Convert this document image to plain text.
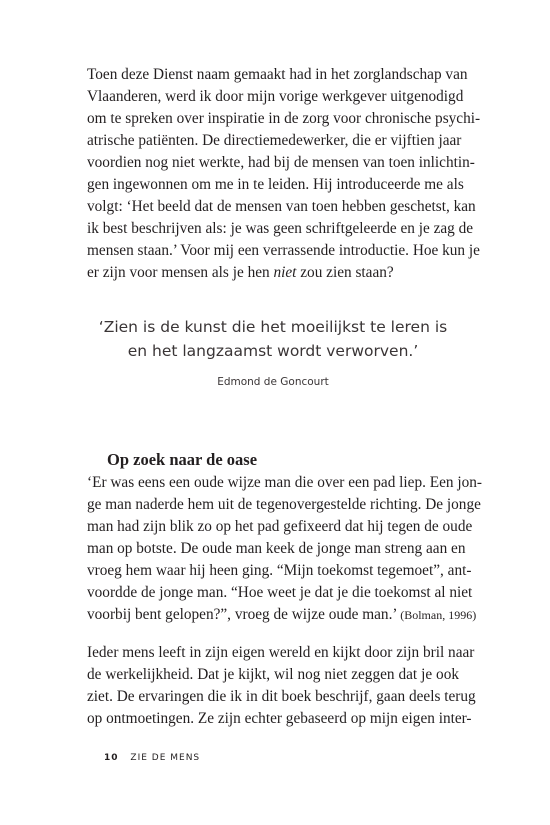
Toen deze Dienst naam gemaakt had in het zorglandschap van
Vlaanderen, werd ik door mijn vorige werkgever uitgenodigd
om te spreken over inspiratie in de zorg voor chronische psychi-
atrische patiënten. De directiemedewerker, die er vijftien jaar
voordien nog niet werkte, had bij de mensen van toen inlichtin-
gen ingewonnen om me in te leiden. Hij introduceerde me als
volgt: ‘Het beeld dat de mensen van toen hebben geschetst, kan
ik best beschrijven als: je was geen schriftgeleerde en je zag de
mensen staan.’ Voor mij een verrassende introductie. Hoe kun je
er zijn voor mensen als je hen niet zou zien staan?
‘Zien is de kunst die het moeilijkst te leren is
en het langzaamst wordt verworven.’
Edmond de Goncourt
Op zoek naar de oase
‘Er was eens een oude wijze man die over een pad liep. Een jon-
ge man naderde hem uit de tegenovergestelde richting. De jonge
man had zijn blik zo op het pad gefixeerd dat hij tegen de oude
man op botste. De oude man keek de jonge man streng aan en
vroeg hem waar hij heen ging. “Mijn toekomst tegemoet”, ant-
voordde de jonge man. “Hoe weet je dat je die toekomst al niet
voorbij bent gelopen?”, vroeg de wijze oude man.’ (Bolman, 1996)
Ieder mens leeft in zijn eigen wereld en kijkt door zijn bril naar
de werkelijkheid. Dat je kijkt, wil nog niet zeggen dat je ook
ziet. De ervaringen die ik in dit boek beschrijf, gaan deels terug
op ontmoetingen. Ze zijn echter gebaseerd op mijn eigen inter-
10 ZIE DE MENS
